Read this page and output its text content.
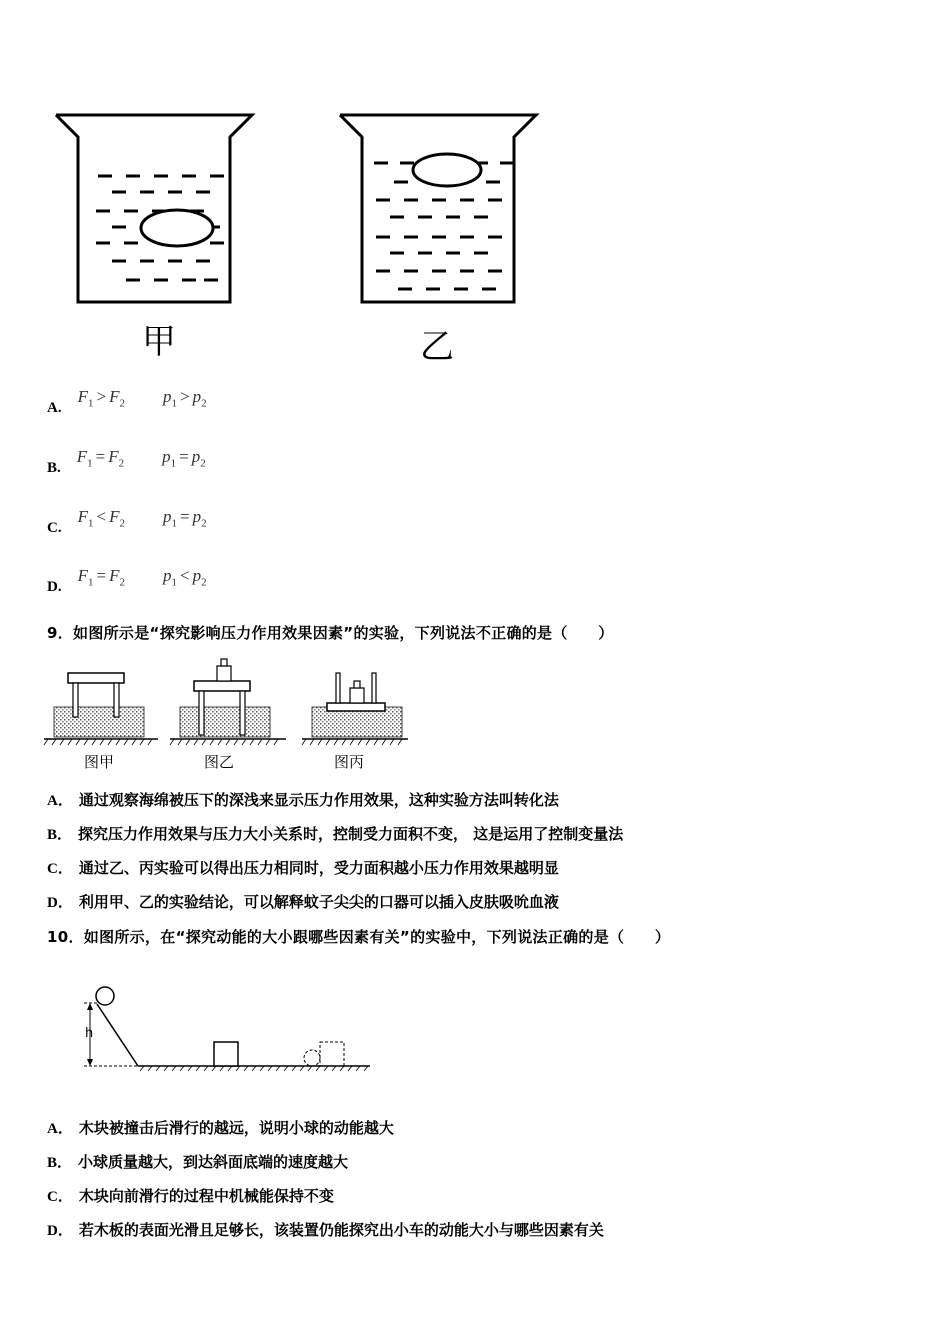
甲	乙
$A.F_1 > F_2$ $p_1 > p_2$
$B.F_1 = F_2$ $p_1 = p_2$
$C.F_1 < F_2$ $p_1 = p_2$
$D.F_1 = F_2$ $p_1 < p_2$
9．如图所示是“探究影响压力作用效果因素”的实验，下列说法不正确的是（　　）
图甲	图乙	图丙
A． 通过观察海绵被压下的深浅来显示压力作用效果，这种实验方法叫转化法
B． 探究压力作用效果与压力大小关系时，控制受力面积不变， 这是运用了控制变量法
C． 通过乙、丙实验可以得出压力相同时，受力面积越小压力作用效果越明显
D． 利用甲、乙的实验结论，可以解释蚊子尖尖的口器可以插入皮肤吸吮血液
10．如图所示，在“探究动能的大小跟哪些因素有关”的实验中，下列说法正确的是（　　）
h
A． 木块被撞击后滑行的越远，说明小球的动能越大
B． 小球质量越大，到达斜面底端的速度越大
C． 木块向前滑行的过程中机械能保持不变
D． 若木板的表面光滑且足够长，该装置仍能探究出小车的动能大小与哪些因素有关
